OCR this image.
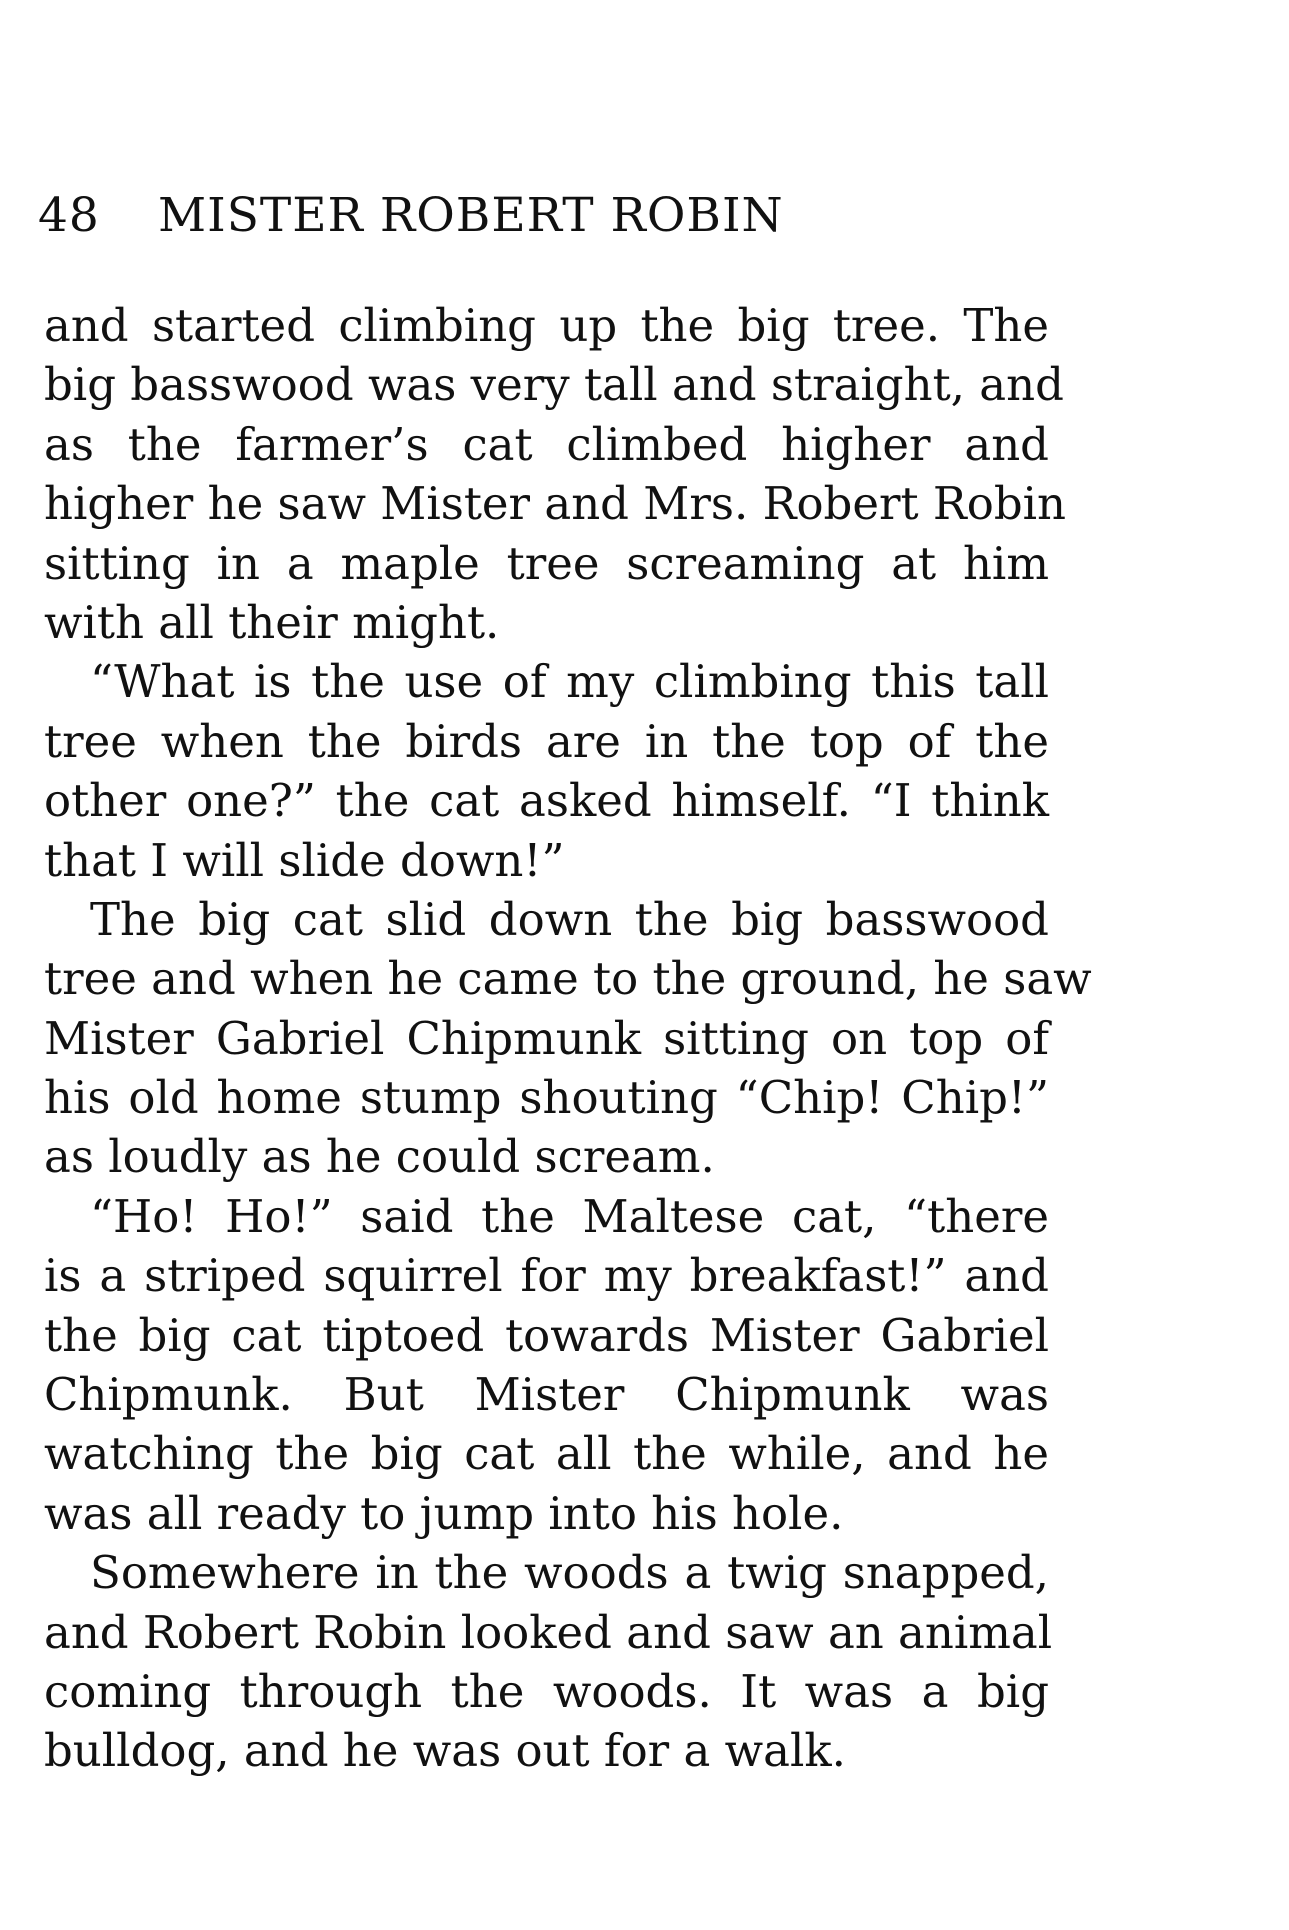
48 MISTER ROBERT ROBIN
and started climbing up the big tree. The
big basswood was very tall and straight, and
as the farmer’s cat climbed higher and
higher he saw Mister and Mrs. Robert Robin
sitting in a maple tree screaming at him
with all their might.
“What is the use of my climbing this tall
tree when the birds are in the top of the
other one?” the cat asked himself. “I think
that I will slide down!”
The big cat slid down the big basswood
tree and when he came to the ground, he saw
Mister Gabriel Chipmunk sitting on top of
his old home stump shouting “Chip! Chip!”
as loudly as he could scream.
“Ho! Ho!” said the Maltese cat, “there
is a striped squirrel for my breakfast!” and
the big cat tiptoed towards Mister Gabriel
Chipmunk. But Mister Chipmunk was
watching the big cat all the while, and he
was all ready to jump into his hole.
Somewhere in the woods a twig snapped,
and Robert Robin looked and saw an animal
coming through the woods. It was a big
bulldog, and he was out for a walk.
